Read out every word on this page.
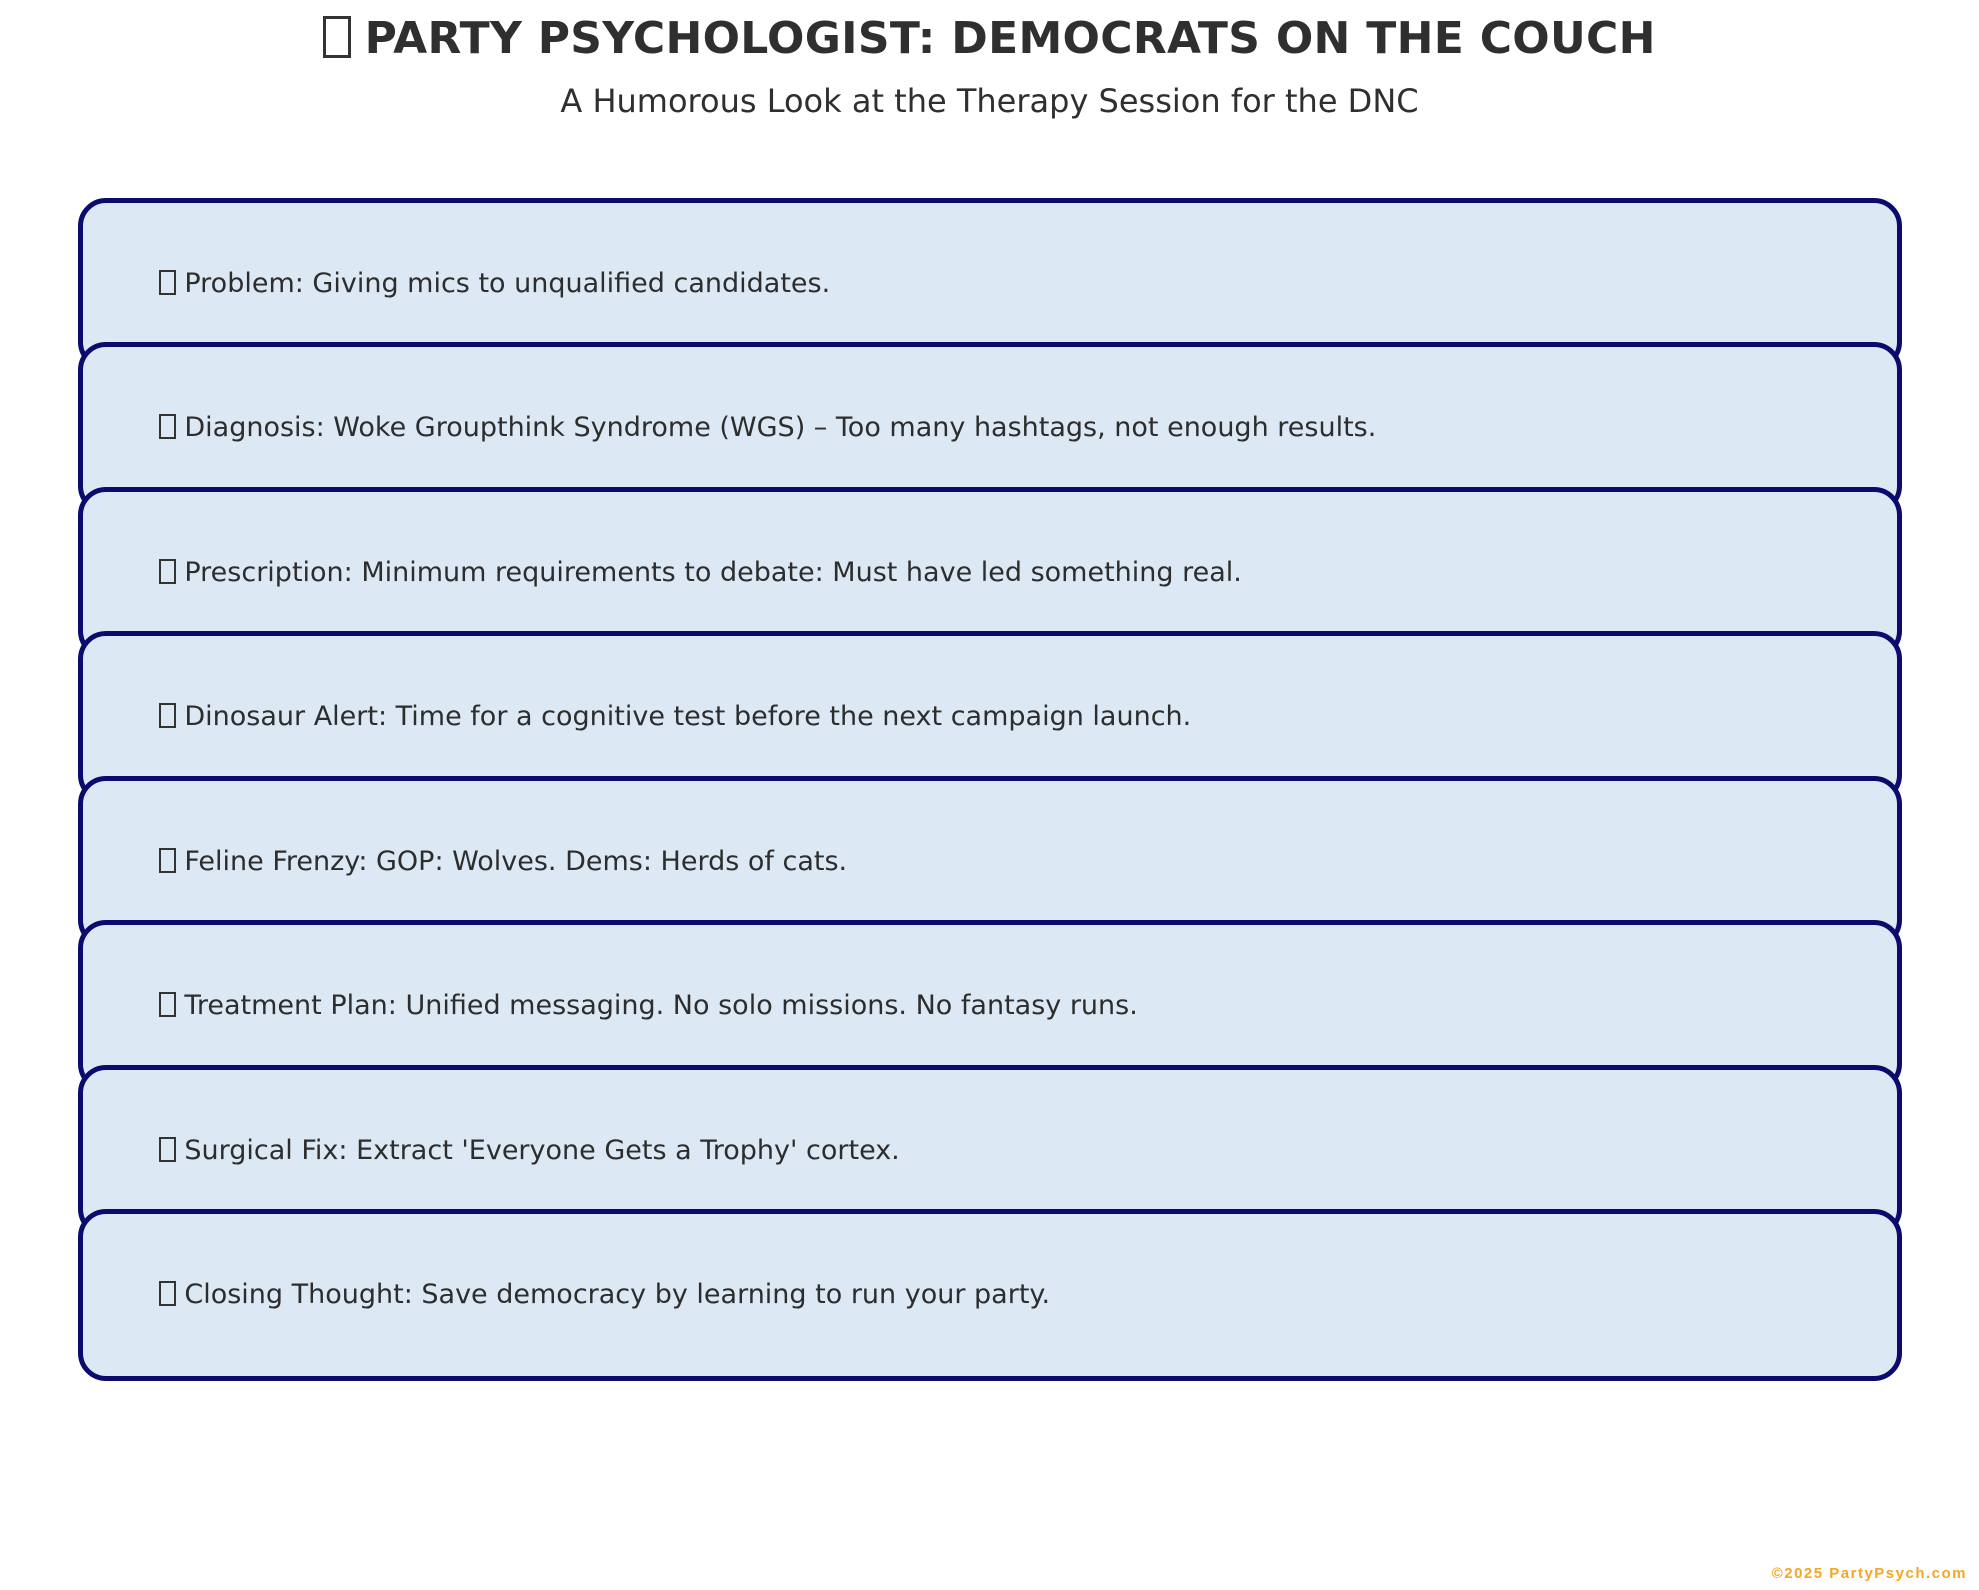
PARTY PSYCHOLOGIST: DEMOCRATS ON THE COUCH
A Humorous Look at the Therapy Session for the DNC
Problem: Giving mics to unqualified candidates.
Diagnosis: Woke Groupthink Syndrome (WGS) – Too many hashtags, not enough results.
Prescription: Minimum requirements to debate: Must have led something real.
Dinosaur Alert: Time for a cognitive test before the next campaign launch.
Feline Frenzy: GOP: Wolves. Dems: Herds of cats.
Treatment Plan: Unified messaging. No solo missions. No fantasy runs.
Surgical Fix: Extract 'Everyone Gets a Trophy' cortex.
Closing Thought: Save democracy by learning to run your party.
©2025 PartyPsych.com
